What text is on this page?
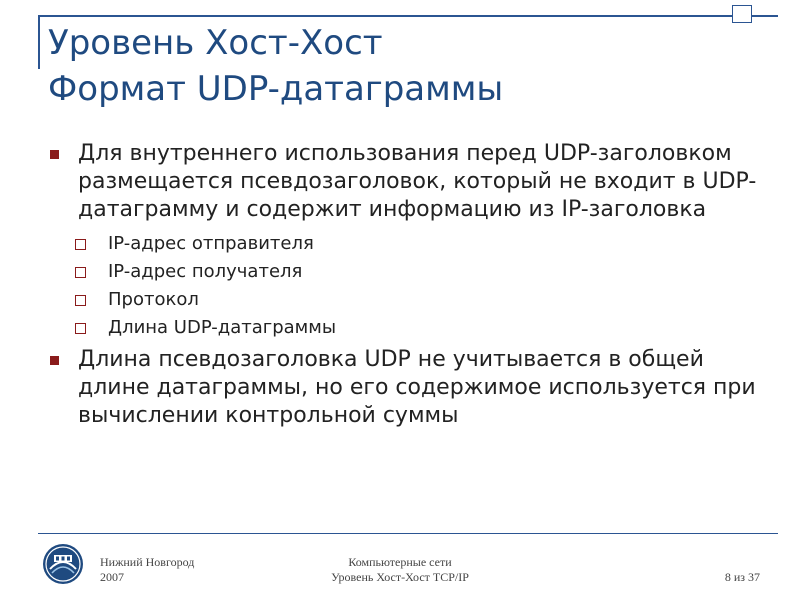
Уровень Хост-Хост
Формат UDP-датаграммы
Для внутреннего использования перед UDP-заголовком размещается псевдозаголовок, который не входит в UDP-датаграмму и содержит информацию из IP-заголовка
IP-адрес отправителя
IP-адрес получателя
Протокол
Длина UDP-датаграммы
Длина псевдозаголовка UDP не учитывается в общей длине датаграммы, но его содержимое используется при вычислении контрольной суммы
Нижний Новгород
2007
Компьютерные сети
Уровень Хост-Хост TCP/IP	8 из 37
